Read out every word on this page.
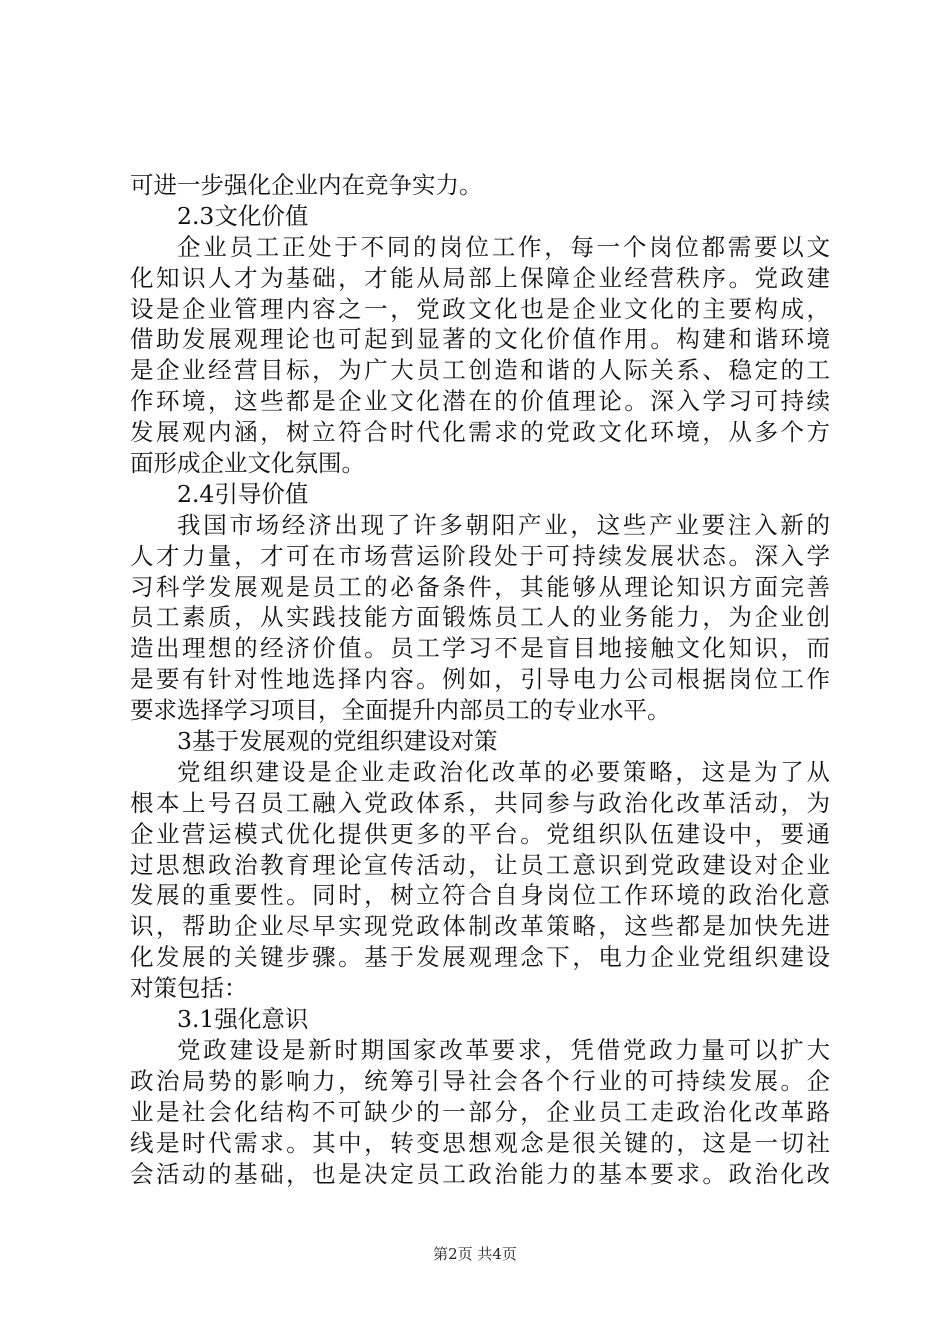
可进一步强化企业内在竞争实力。
2.3文化价值
企业员工正处于不同的岗位工作，每一个岗位都需要以文
化知识人才为基础，才能从局部上保障企业经营秩序。党政建
设是企业管理内容之一，党政文化也是企业文化的主要构成，
借助发展观理论也可起到显著的文化价值作用。构建和谐环境
是企业经营目标，为广大员工创造和谐的人际关系、稳定的工
作环境，这些都是企业文化潜在的价值理论。深入学习可持续
发展观内涵，树立符合时代化需求的党政文化环境，从多个方
面形成企业文化氛围。
2.4引导价值
我国市场经济出现了许多朝阳产业，这些产业要注入新的
人才力量，才可在市场营运阶段处于可持续发展状态。深入学
习科学发展观是员工的必备条件，其能够从理论知识方面完善
员工素质，从实践技能方面锻炼员工人的业务能力，为企业创
造出理想的经济价值。员工学习不是盲目地接触文化知识，而
是要有针对性地选择内容。例如，引导电力公司根据岗位工作
要求选择学习项目，全面提升内部员工的专业水平。
3基于发展观的党组织建设对策
党组织建设是企业走政治化改革的必要策略，这是为了从
根本上号召员工融入党政体系，共同参与政治化改革活动，为
企业营运模式优化提供更多的平台。党组织队伍建设中，要通
过思想政治教育理论宣传活动，让员工意识到党政建设对企业
发展的重要性。同时，树立符合自身岗位工作环境的政治化意
识，帮助企业尽早实现党政体制改革策略，这些都是加快先进
化发展的关键步骤。基于发展观理念下，电力企业党组织建设
对策包括：
3.1强化意识
党政建设是新时期国家改革要求，凭借党政力量可以扩大
政治局势的影响力，统筹引导社会各个行业的可持续发展。企
业是社会化结构不可缺少的一部分，企业员工走政治化改革路
线是时代需求。其中，转变思想观念是很关键的，这是一切社
会活动的基础，也是决定员工政治能力的基本要求。政治化改
第2页 共4页
